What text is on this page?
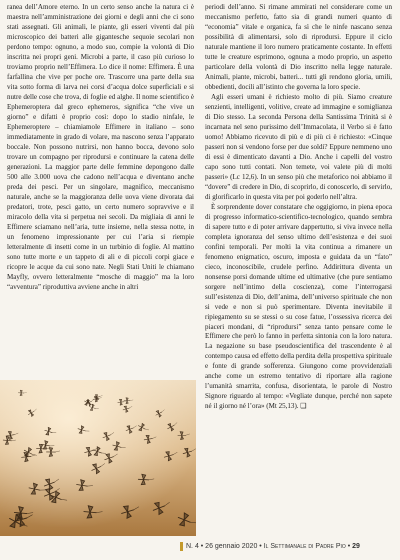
ranea dell’Amore eterno. In un certo senso anche la natura ci è maestra nell’amministrazione dei giorni e degli anni che ci sono stati assegnati. Gli animali, le piante, gli esseri viventi dal più microscopico dei batteri alle gigantesche sequoie secolari non perdono tempo: ognuno, a modo suo, compie la volontà di Dio inscritta nei propri geni. Microbi a parte, il caso più curioso lo troviamo proprio nell’Effimera. Lo dice il nome: Effimera. È una farfallina che vive per poche ore. Trascorre una parte della sua vita sotto forma di larva nei corsi d’acqua dolce superficiali e si nutre delle cose che trova, di foglie ed alghe. Il nome scientifico è Ephemeroptera dal greco ephemeros, significa “che vive un giorno” e difatti è proprio così: dopo lo stadio ninfale, le Ephemeroptere – chiamiamole Effimere in italiano – sono immediatamente in grado di volare, ma nascono senza l’apparato boccale. Non possono nutrirsi, non hanno bocca, devono solo trovare un compagno per riprodursi e continuare la catena delle generazioni. La maggior parte delle femmine depongono dalle 500 alle 3.000 uova che cadono nell’acqua e diventano anche preda dei pesci. Per un singolare, magnifico, meccanismo naturale, anche se la maggioranza delle uova viene divorata dai predatori, trote, pesci gatto, un certo numero sopravvive e il miracolo della vita si perpetua nei secoli. Da migliaia di anni le Effimere sciamano nell’aria, tutte insieme, nella stessa notte, in un fenomeno impressionante per cui l’aria si riempie letteralmente di insetti come in un turbinio di foglie. Al mattino sono tutte morte e un tappeto di ali e di piccoli corpi giace e ricopre le acque da cui sono nate. Negli Stati Uniti le chiamano Mayfly, ovvero letteralmente “mosche di maggio” ma la loro “avventura” riproduttiva avviene anche in altri

periodi dell’anno. Si rimane ammirati nel considerare come un meccanismo perfetto, fatto sia di grandi numeri quanto di “economia” vitale e organica, fa sì che le ninfe nascano senza possibilità di alimentarsi, solo di riprodursi. Eppure il ciclo naturale mantiene il loro numero praticamente costante. In effetti tutte le creature esprimono, ognuna a modo proprio, un aspetto particolare della volontà di Dio inscritto nella legge naturale. Animali, piante, microbi, batteri... tutti gli rendono gloria, umili, obbedienti, docili all’istinto che governa la loro specie.

Agli esseri umani è richiesto molto di più. Siamo creature senzienti, intelligenti, volitive, create ad immagine e somiglianza di Dio stesso. La seconda Persona della Santissima Trinità si è incarnata nel seno purissimo dell’Immacolata, il Verbo si è fatto uomo! Abbiamo ricevuto di più e di più ci è richiesto: «Cinque passeri non si vendono forse per due soldi? Eppure nemmeno uno di essi è dimenticato davanti a Dio. Anche i capelli del vostro capo sono tutti contati. Non temete, voi valete più di molti passeri» (Lc 12,6). In un senso più che metaforico noi abbiamo il “dovere” di credere in Dio, di scoprirlo, di conoscerlo, di servirlo, di glorificarlo in questa vita per poi goderlo nell’altra.

È sorprendente dover constatare che oggigiorno, in piena epoca di progresso informatico-scientifico-tecnologico, quando sembra di sapere tutto e di poter arrivare dappertutto, si viva invece nella completa ignoranza del senso ultimo dell’esistenza e dei suoi confini temporali. Per molti la vita continua a rimanere un fenomeno enigmatico, oscuro, imposta e guidata da un “fato” cieco, inconoscibile, crudele perfino. Addirittura diventa un nonsense porsi domande ultime ed ultimative (che pure sentiamo sorgere nell’intimo della coscienza), come l’interrogarsi sull’esistenza di Dio, dell’anima, dell’universo spirituale che non si vede e non si può sperimentare. Diventa inevitabile il ripiegamento su se stessi o su cose fatue, l’ossessiva ricerca dei piaceri mondani, di “riprodursi” senza tanto pensare come le Effimere che però lo fanno in perfetta sintonia con la loro natura. La negazione su base pseudoscientifica del trascendente è al contempo causa ed effetto della perdita della prospettiva spirituale e fonte di grande sofferenza. Giungono come provvidenziali anche come un estremo tentativo di riportare alla ragione l’umanità smarrita, confusa, disorientata, le parole di Nostro Signore riguardo al tempo: «Vegliate dunque, perché non sapete né il giorno né l’ora» (Mt 25,13). ❑

N. 4 • 26 gennaio 2020 • Il Settimanale di Padre Pio • 29
